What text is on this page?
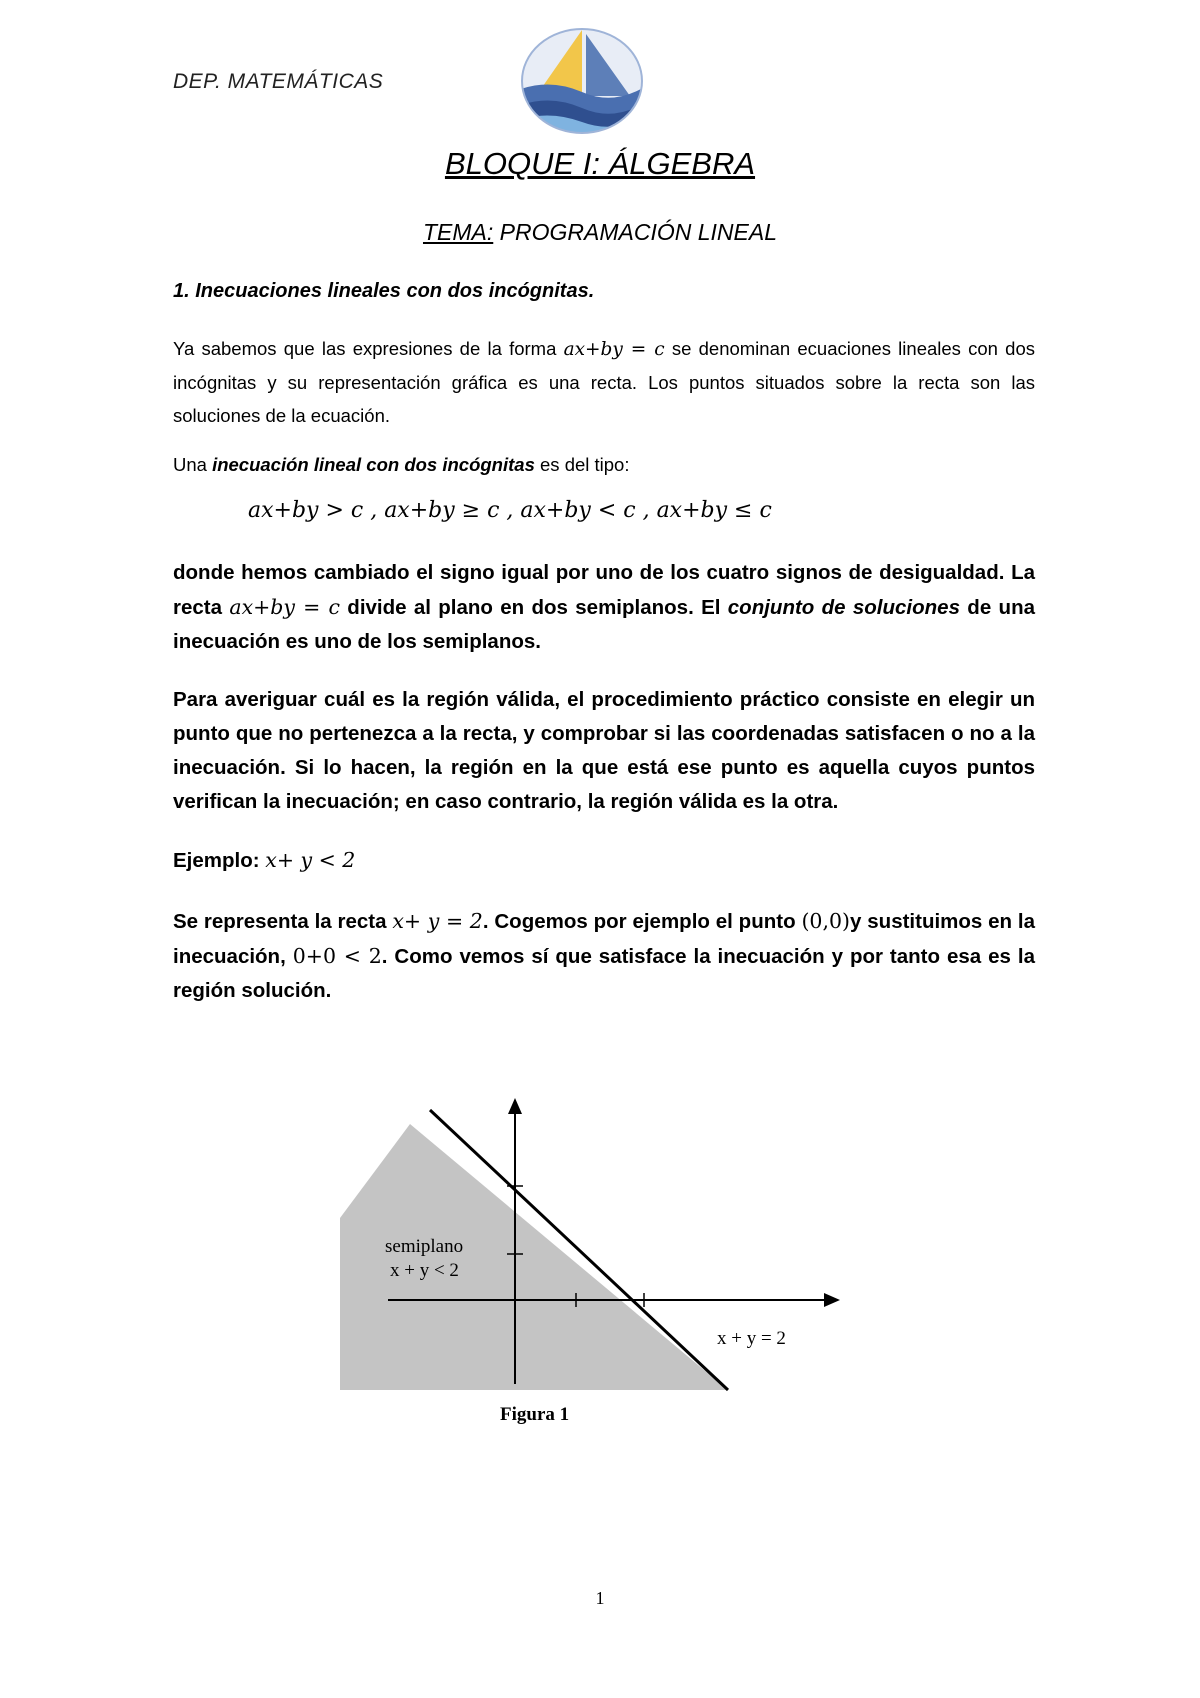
DEP. MATEMÁTICAS
BLOQUE I: ÁLGEBRA
TEMA: PROGRAMACIÓN LINEAL
1. Inecuaciones lineales con dos incógnitas.
Ya sabemos que las expresiones de la forma ax+by = c se denominan ecuaciones lineales con dos incógnitas y su representación gráfica es una recta. Los puntos situados sobre la recta son las soluciones de la ecuación.
Una inecuación lineal con dos incógnitas es del tipo:
ax+by > c , ax+by ≥ c , ax+by < c , ax+by ≤ c
donde hemos cambiado el signo igual por uno de los cuatro signos de desigualdad. La recta ax+by = c divide al plano en dos semiplanos. El conjunto de soluciones de una inecuación es uno de los semiplanos.
Para averiguar cuál es la región válida, el procedimiento práctico consiste en elegir un punto que no pertenezca a la recta, y comprobar si las coordenadas satisfacen o no a la inecuación. Si lo hacen, la región en la que está ese punto es aquella cuyos puntos verifican la inecuación; en caso contrario, la región válida es la otra.
Ejemplo: x+ y < 2
Se representa la recta x+ y = 2. Cogemos por ejemplo el punto (0,0)y sustituimos en la inecuación, 0+0 < 2. Como vemos sí que satisface la inecuación y por tanto esa es la región solución.
semiplano
x + y < 2
x + y = 2
Figura 1
1
